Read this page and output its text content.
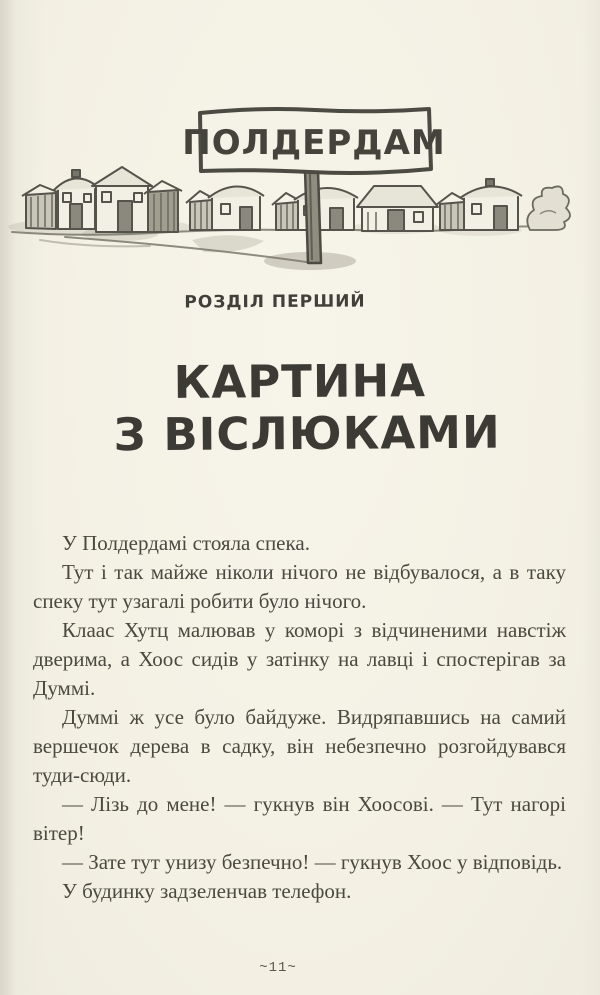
ПОЛДЕРДАМ
РОЗДІЛ ПЕРШИЙ
КАРТИНА
З ВІСЛЮКАМИ

У Полдердамі стояла спека.

Тут і так майже ніколи нічого не відбувалося, а в таку спеку тут узагалі робити було нічого.

Клаас Хутц малював у коморі з відчиненими навстіж дверима, а Хоос сидів у затінку на лавці і спостерігав за Думмі.

Думмі ж усе було байдуже. Видряпавшись на самий вершечок дерева в садку, він небезпечно розгойдувався туди-сюди.

— Лізь до мене! — гукнув він Хоосові. — Тут нагорі вітер!

— Зате тут унизу безпечно! — гукнув Хоос у відповідь.

У будинку задзеленчав телефон.

~11~
